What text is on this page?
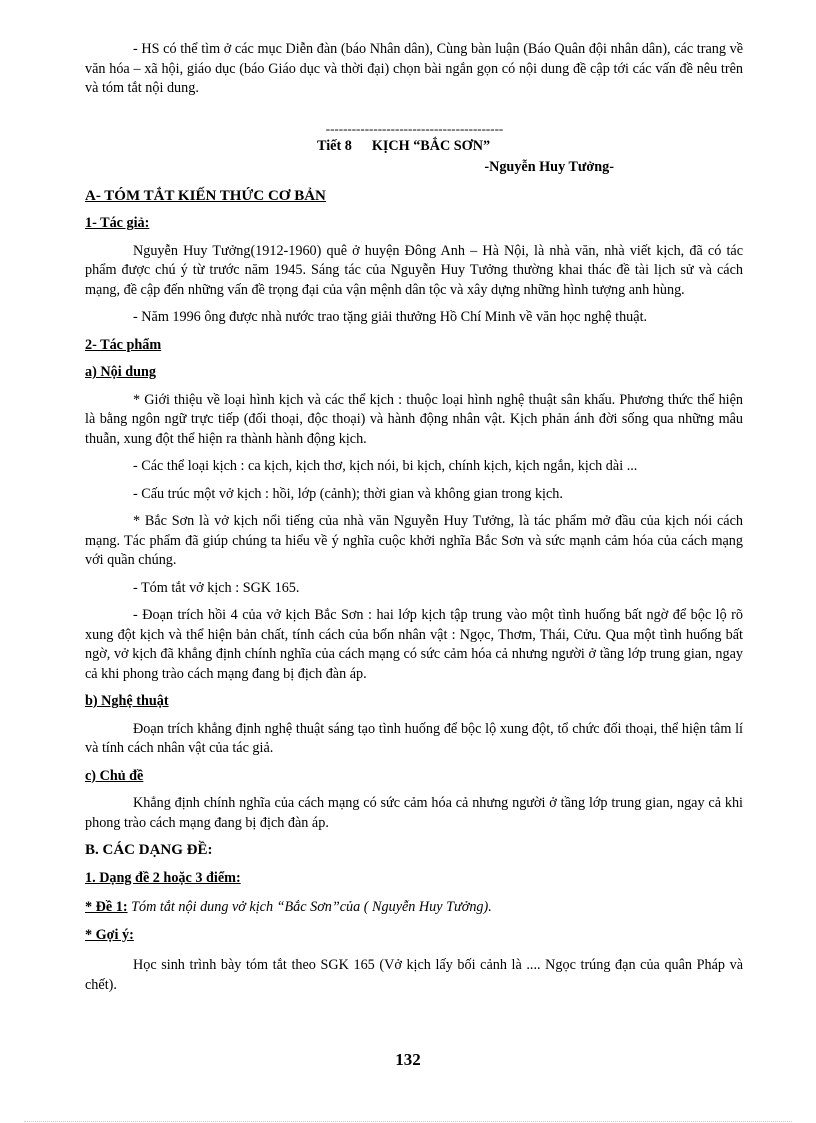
- HS có thể tìm ở các mục Diễn đàn (báo Nhân dân), Cùng bàn luận (Báo Quân đội nhân dân), các trang về văn hóa – xã hội, giáo dục (báo Giáo dục và thời đại) chọn bài ngắn gọn có nội dung đề cập tới các vấn đề nêu trên và tóm tắt nội dung.

-----------------------------------------
Tiết 8 KỊCH “BẮC SƠN”
-Nguyễn Huy Tưởng-
A- TÓM TẮT KIẾN THỨC CƠ BẢN
1- Tác giả:

Nguyễn Huy Tưởng(1912-1960) quê ở huyện Đông Anh – Hà Nội, là nhà văn, nhà viết kịch, đã có tác phẩm được chú ý từ trước năm 1945. Sáng tác của Nguyễn Huy Tưởng thường khai thác đề tài lịch sử và cách mạng, đề cập đến những vấn đề trọng đại của vận mệnh dân tộc và xây dựng những hình tượng anh hùng.

- Năm 1996 ông được nhà nước trao tặng giải thưởng Hồ Chí Minh về văn học nghệ thuật.

2- Tác phẩm
a) Nội dung

* Giới thiệu về loại hình kịch và các thể kịch : thuộc loại hình nghệ thuật sân khấu. Phương thức thể hiện là bằng ngôn ngữ trực tiếp (đối thoại, độc thoại) và hành động nhân vật. Kịch phản ánh đời sống qua những mâu thuẫn, xung đột thể hiện ra thành hành động kịch.

- Các thể loại kịch : ca kịch, kịch thơ, kịch nói, bi kịch, chính kịch, kịch ngắn, kịch dài ...

- Cấu trúc một vở kịch : hồi, lớp (cảnh); thời gian và không gian trong kịch.

* Bắc Sơn là vở kịch nổi tiếng của nhà văn Nguyễn Huy Tưởng, là tác phẩm mở đầu của kịch nói cách mạng. Tác phẩm đã giúp chúng ta hiểu về ý nghĩa cuộc khởi nghĩa Bắc Sơn và sức mạnh cảm hóa của cách mạng với quần chúng.

- Tóm tắt vở kịch : SGK 165.

- Đoạn trích hồi 4 của vở kịch Bắc Sơn : hai lớp kịch tập trung vào một tình huống bất ngờ để bộc lộ rõ xung đột kịch và thể hiện bản chất, tính cách của bốn nhân vật : Ngọc, Thơm, Thái, Cửu. Qua một tình huống bất ngờ, vở kịch đã khẳng định chính nghĩa của cách mạng có sức cảm hóa cả nhưng người ở tầng lớp trung gian, ngay cả khi phong trào cách mạng đang bị địch đàn áp.

b) Nghệ thuật

Đoạn trích khẳng định nghệ thuật sáng tạo tình huống để bộc lộ xung đột, tổ chức đối thoại, thể hiện tâm lí và tính cách nhân vật của tác giả.

c) Chủ đề

Khẳng định chính nghĩa của cách mạng có sức cảm hóa cả nhưng người ở tầng lớp trung gian, ngay cả khi phong trào cách mạng đang bị địch đàn áp.

B. CÁC DẠNG ĐỀ:
1. Dạng đề 2 hoặc 3 điểm:
* Đề 1: Tóm tắt nội dung vở kịch “Bắc Sơn”của ( Nguyễn Huy Tưởng).
* Gợi ý:

Học sinh trình bày tóm tắt theo SGK 165 (Vở kịch lấy bối cảnh là .... Ngọc trúng đạn của quân Pháp và chết).

132
